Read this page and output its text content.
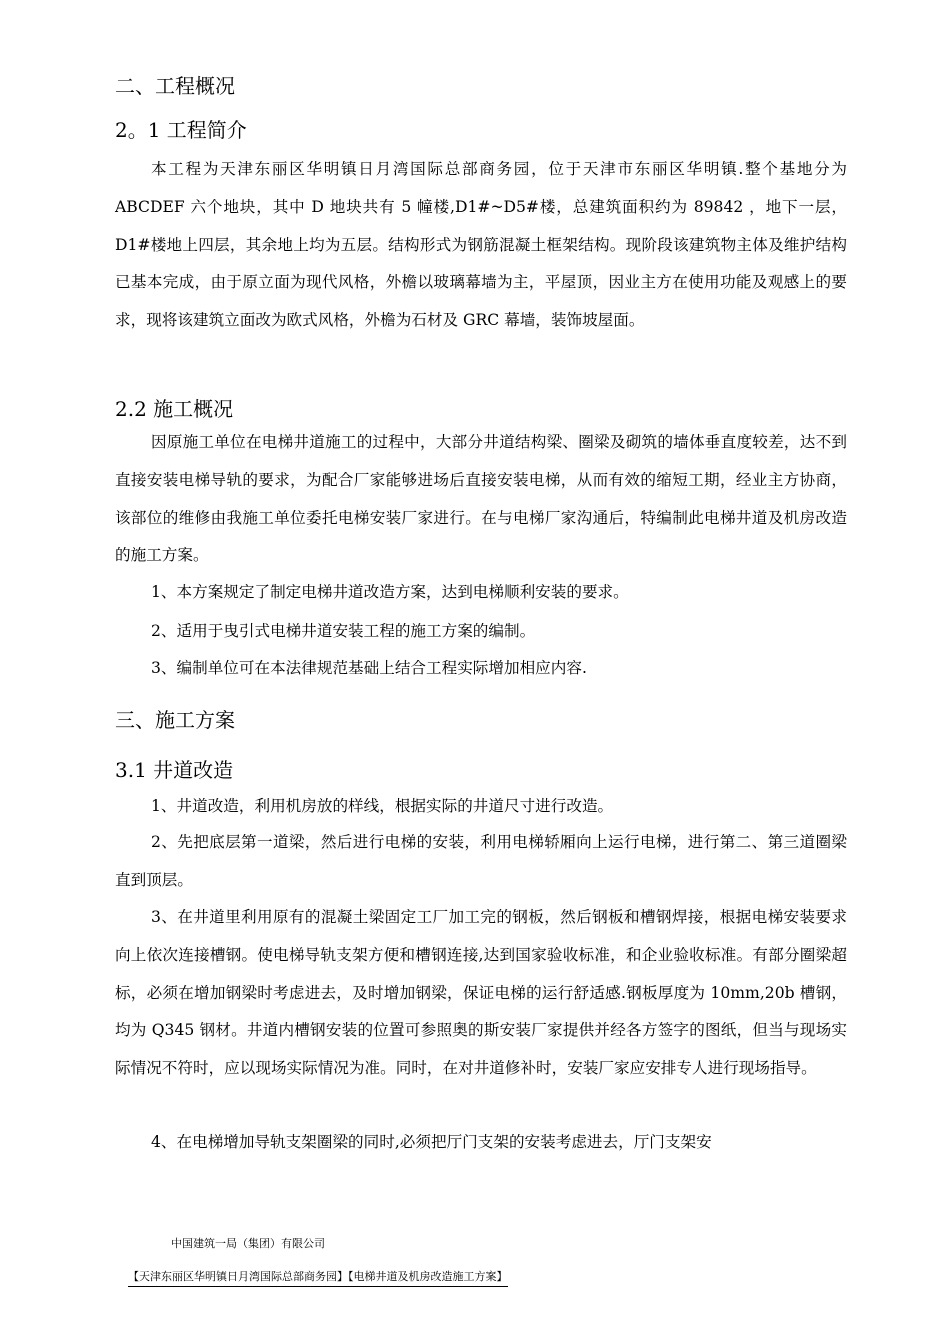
二、工程概况
2。1 工程简介

本工程为天津东丽区华明镇日月湾国际总部商务园，位于天津市东丽区华明镇.整个基地分为 ABCDEF 六个地块，其中 D 地块共有 5 幢楼,D1#~D5#楼，总建筑面积约为 89842 ，地下一层，D1#楼地上四层，其余地上均为五层。结构形式为钢筋混凝土框架结构。现阶段该建筑物主体及维护结构已基本完成，由于原立面为现代风格，外檐以玻璃幕墙为主，平屋顶，因业主方在使用功能及观感上的要求，现将该建筑立面改为欧式风格，外檐为石材及 GRC 幕墙，装饰坡屋面。

2.2 施工概况

因原施工单位在电梯井道施工的过程中，大部分井道结构梁、圈梁及砌筑的墙体垂直度较差，达不到直接安装电梯导轨的要求，为配合厂家能够进场后直接安装电梯，从而有效的缩短工期，经业主方协商，该部位的维修由我施工单位委托电梯安装厂家进行。在与电梯厂家沟通后，特编制此电梯井道及机房改造的施工方案。

1、本方案规定了制定电梯井道改造方案，达到电梯顺利安装的要求。
2、适用于曳引式电梯井道安装工程的施工方案的编制。
3、编制单位可在本法律规范基础上结合工程实际增加相应内容.
三、施工方案
3.1 井道改造
1、井道改造，利用机房放的样线，根据实际的井道尺寸进行改造。

2、先把底层第一道梁，然后进行电梯的安装，利用电梯轿厢向上运行电梯，进行第二、第三道圈梁直到顶层。

3、在井道里利用原有的混凝土梁固定工厂加工完的钢板，然后钢板和槽钢焊接，根据电梯安装要求向上依次连接槽钢。使电梯导轨支架方便和槽钢连接,达到国家验收标准，和企业验收标准。有部分圈梁超标，必须在增加钢梁时考虑进去，及时增加钢梁，保证电梯的运行舒适感.钢板厚度为 10mm,20b 槽钢，均为 Q345 钢材。井道内槽钢安装的位置可参照奥的斯安装厂家提供并经各方签字的图纸，但当与现场实际情况不符时，应以现场实际情况为准。同时，在对井道修补时，安装厂家应安排专人进行现场指导。

4、在电梯增加导轨支架圈梁的同时,必须把厅门支架的安装考虑进去，厅门支架安
中国建筑一局（集团）有限公司
【天津东丽区华明镇日月湾国际总部商务园】【电梯井道及机房改造施工方案】
